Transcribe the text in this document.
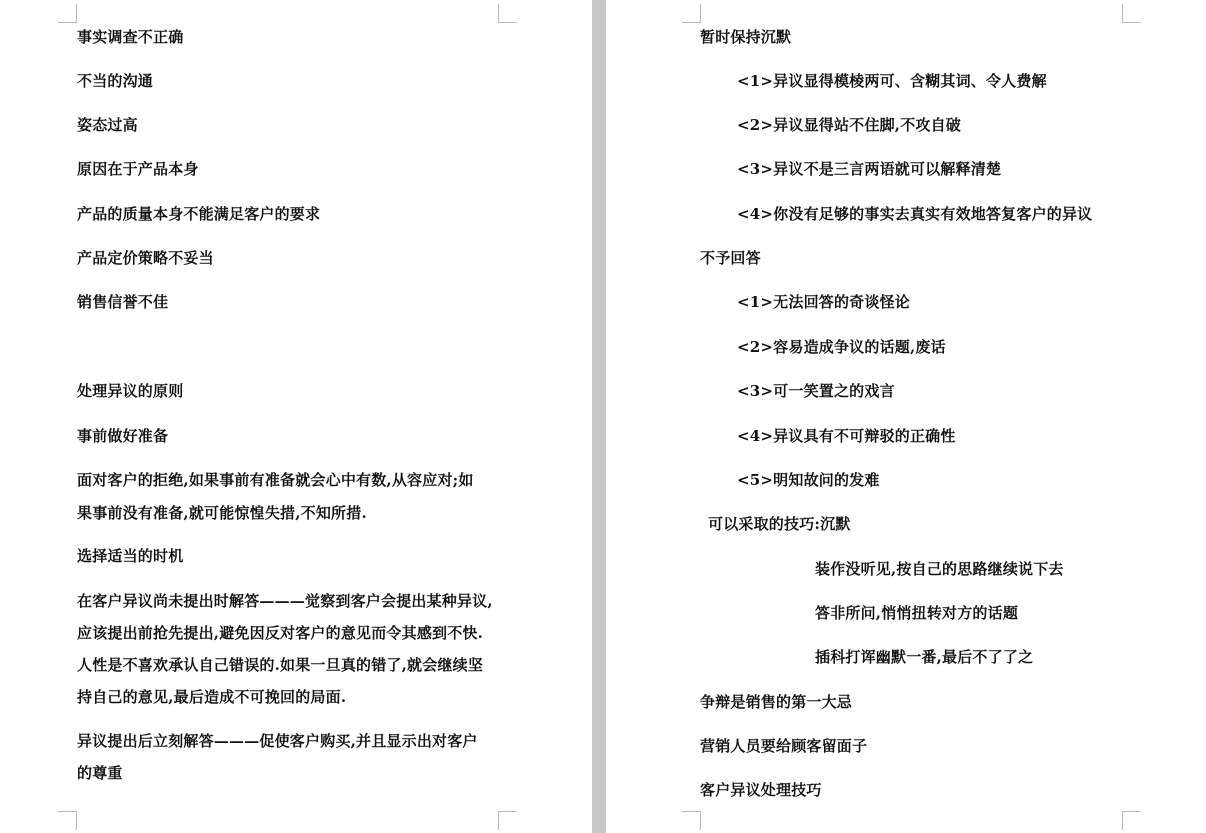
事实调查不正确
不当的沟通
姿态过高
原因在于产品本身
产品的质量本身不能满足客户的要求
产品定价策略不妥当
销售信誉不佳
处理异议的原则
事前做好准备
面对客户的拒绝,如果事前有准备就会心中有数,从容应对;如
果事前没有准备,就可能惊惶失措,不知所措.
选择适当的时机
在客户异议尚未提出时解答———觉察到客户会提出某种异议,
应该提出前抢先提出,避免因反对客户的意见而令其感到不快.
人性是不喜欢承认自己错误的.如果一旦真的错了,就会继续坚
持自己的意见,最后造成不可挽回的局面.
异议提出后立刻解答———促使客户购买,并且显示出对客户
的尊重
暂时保持沉默
<1>异议显得模棱两可、含糊其词、令人费解
<2>异议显得站不住脚,不攻自破
<3>异议不是三言两语就可以解释清楚
<4>你没有足够的事实去真实有效地答复客户的异议
不予回答
<1>无法回答的奇谈怪论
<2>容易造成争议的话题,废话
<3>可一笑置之的戏言
<4>异议具有不可辩驳的正确性
<5>明知故问的发难
可以采取的技巧:沉默
装作没听见,按自己的思路继续说下去
答非所问,悄悄扭转对方的话题
插科打诨幽默一番,最后不了了之
争辩是销售的第一大忌
营销人员要给顾客留面子
客户异议处理技巧
